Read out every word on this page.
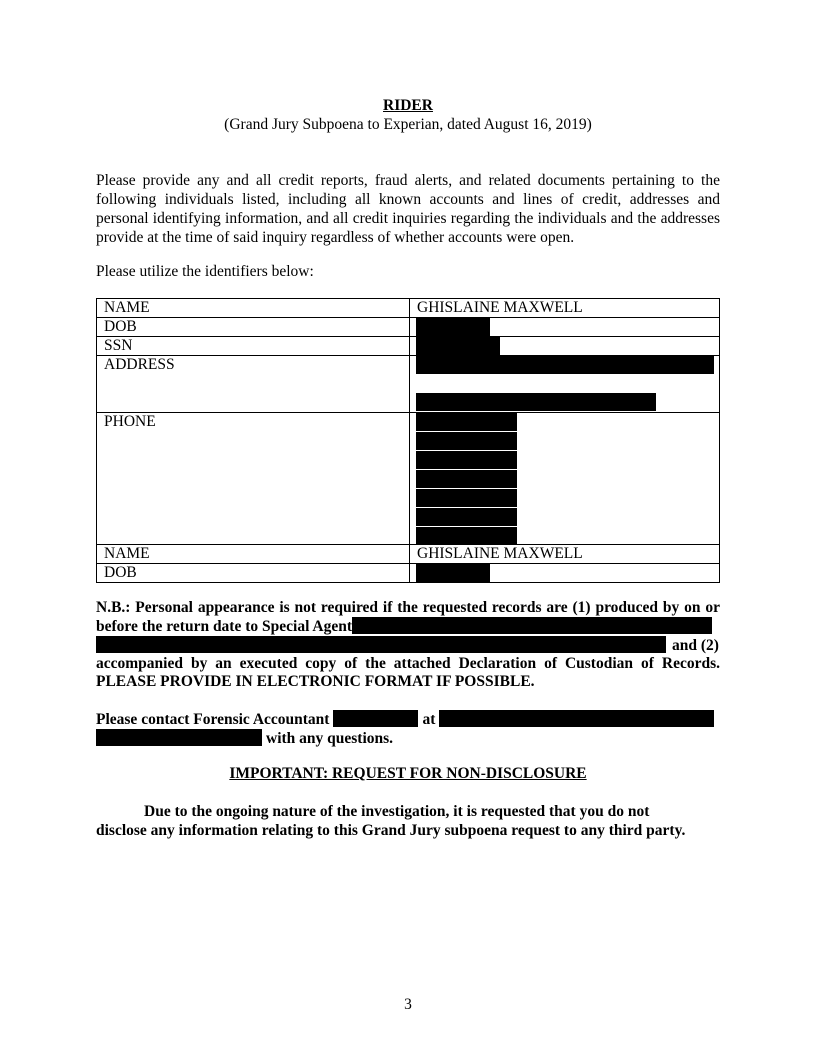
RIDER
(Grand Jury Subpoena to Experian, dated August 16, 2019)

Please provide any and all credit reports, fraud alerts, and related documents pertaining to the following individuals listed, including all known accounts and lines of credit, addresses and personal identifying information, and all credit inquiries regarding the individuals and the addresses provide at the time of said inquiry regardless of whether accounts were open.

Please utilize the identifiers below:

NAME	GHISLAINE MAXWELL
DOB	

SSN	

ADDRESS	

PHONE	

NAME	GHISLAINE MAXWELL
DOB	
N.B.: Personal appearance is not required if the requested records are (1) produced by on or
before the return date to Special Agent
and (2)
accompanied by an executed copy of the attached Declaration of Custodian of Records.
PLEASE PROVIDE IN ELECTRONIC FORMAT IF POSSIBLE.
Please contact Forensic Accountant	at
with any questions.
IMPORTANT: REQUEST FOR NON-DISCLOSURE
Due to the ongoing nature of the investigation, it is requested that you do not
disclose any information relating to this Grand Jury subpoena request to any third party.
3
